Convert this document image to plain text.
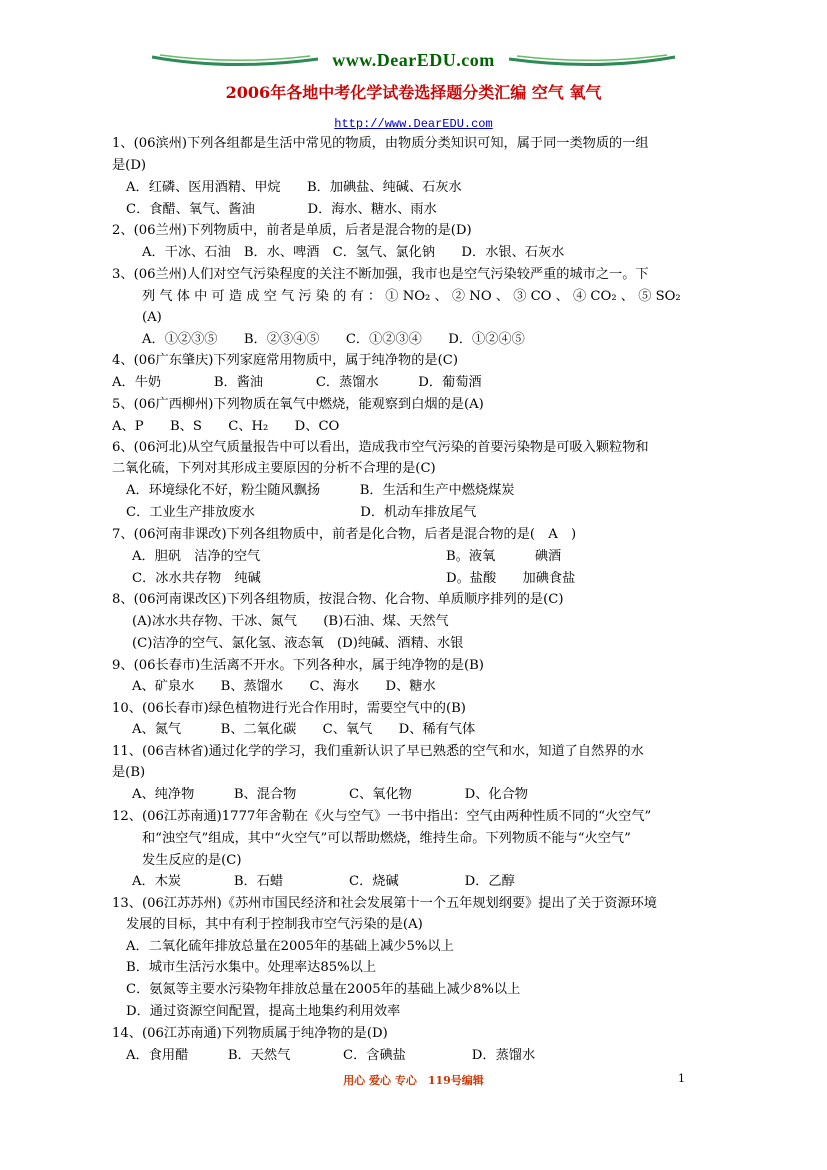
www.DearEDU.com
2006年各地中考化学试卷选择题分类汇编 空气 氧气
http://www.DearEDU.com
1、(06滨州)下列各组都是生活中常见的物质，由物质分类知识可知，属于同一类物质的一组
是(D)
A．红磷、医用酒精、甲烷　　B．加碘盐、纯碱、石灰水
C．食醋、氧气、酱油　　　　D．海水、糖水、雨水
2、(06兰州)下列物质中，前者是单质，后者是混合物的是(D)
A．干冰、石油　B．水、啤酒　C．氢气、氯化钠　　D．水银、石灰水
3、(06兰州)人们对空气污染程度的关注不断加强，我市也是空气污染较严重的城市之一。下
列 气 体 中 可 造 成 空 气 污 染 的 有 ： ① NO₂ 、 ② NO 、 ③ CO 、 ④ CO₂ 、 ⑤ SO₂
(A)
A．①②③⑤　　B．②③④⑤　　C．①②③④　　D．①②④⑤
4、(06广东肇庆)下列家庭常用物质中，属于纯净物的是(C)
A．牛奶　　　　B．酱油　　　　C．蒸馏水　　　D．葡萄酒
5、(06广西柳州)下列物质在氧气中燃烧，能观察到白烟的是(A)
A、P　　B、S　　C、H₂　　D、CO
6、(06河北)从空气质量报告中可以看出，造成我市空气污染的首要污染物是可吸入颗粒物和
二氧化硫，下列对其形成主要原因的分析不合理的是(C)
A．环境绿化不好，粉尘随风飘扬　　　B．生活和生产中燃烧煤炭
C．工业生产排放废水　　　　　　　　D．机动车排放尾气
7、(06河南非课改)下列各组物质中，前者是化合物，后者是混合物的是(　A　)
A．胆矾　洁净的空气	B。液氧　　　碘酒
C．冰水共存物　纯碱	D。盐酸　　加碘食盐
8、(06河南课改区)下列各组物质，按混合物、化合物、单质顺序排列的是(C)
(A)冰水共存物、干冰、氮气　　(B)石油、煤、天然气
(C)洁净的空气、氯化氢、液态氧　(D)纯碱、酒精、水银
9、(06长春市)生活离不开水。下列各种水，属于纯净物的是(B)
A、矿泉水　　B、蒸馏水　　C、海水　　D、糖水
10、(06长春市)绿色植物进行光合作用时，需要空气中的(B)
A、氮气　　　B、二氧化碳　　C、氧气　　D、稀有气体
11、(06吉林省)通过化学的学习，我们重新认识了早已熟悉的空气和水，知道了自然界的水
是(B)
A、纯净物　　　B、混合物　　　　C、氧化物　　　　D、化合物
12、(06江苏南通)1777年舍勒在《火与空气》一书中指出：空气由两种性质不同的“火空气”
和“浊空气”组成，其中“火空气”可以帮助燃烧，维持生命。下列物质不能与“火空气”
发生反应的是(C)
A．木炭　　　　B．石蜡　　　　　C．烧碱　　　　　D．乙醇
13、(06江苏苏州)《苏州市国民经济和社会发展第十一个五年规划纲要》提出了关于资源环境
发展的目标，其中有利于控制我市空气污染的是(A)
A．二氧化硫年排放总量在2005年的基础上减少5%以上
B．城市生活污水集中。处理率达85%以上
C．氨氮等主要水污染物年排放总量在2005年的基础上减少8%以上
D．通过资源空间配置，提高土地集约利用效率
14、(06江苏南通)下列物质属于纯净物的是(D)
A．食用醋　　　B．天然气　　　　C．含碘盐　　　　　D．蒸馏水
用心 爱心 专心　119号编辑	1
